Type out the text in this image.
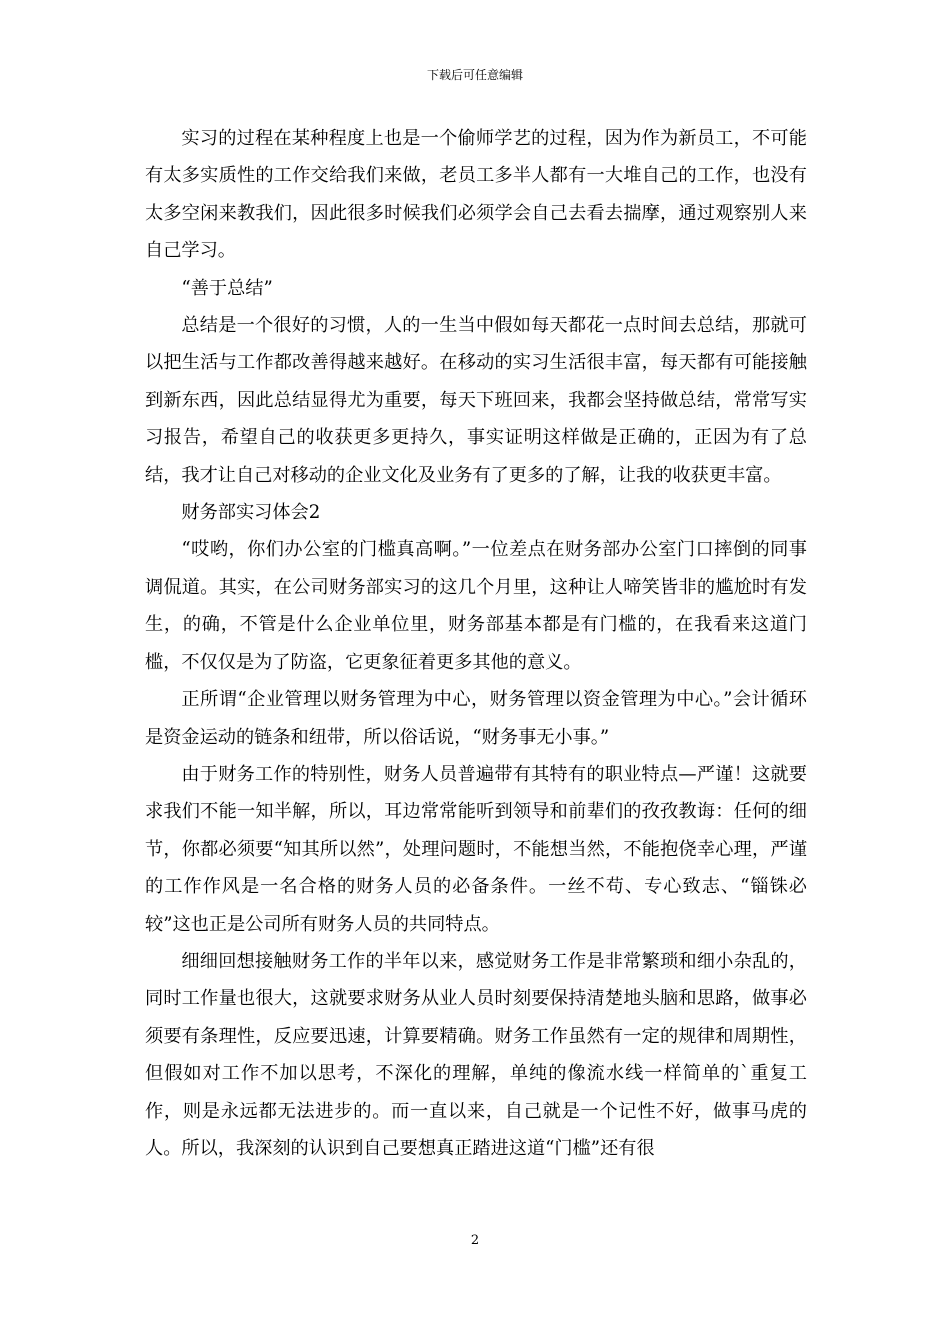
下载后可任意编辑

实习的过程在某种程度上也是一个偷师学艺的过程，因为作为新员工，不可能有太多实质性的工作交给我们来做，老员工多半人都有一大堆自己的工作，也没有太多空闲来教我们，因此很多时候我们必须学会自己去看去揣摩，通过观察别人来自己学习。

“善于总结”

总结是一个很好的习惯，人的一生当中假如每天都花一点时间去总结，那就可以把生活与工作都改善得越来越好。在移动的实习生活很丰富，每天都有可能接触到新东西，因此总结显得尤为重要，每天下班回来，我都会坚持做总结，常常写实习报告，希望自己的收获更多更持久，事实证明这样做是正确的，正因为有了总结，我才让自己对移动的企业文化及业务有了更多的了解，让我的收获更丰富。

财务部实习体会2

“哎哟，你们办公室的门槛真高啊。”一位差点在财务部办公室门口摔倒的同事调侃道。其实，在公司财务部实习的这几个月里，这种让人啼笑皆非的尴尬时有发生，的确，不管是什么企业单位里，财务部基本都是有门槛的，在我看来这道门槛，不仅仅是为了防盗，它更象征着更多其他的意义。

正所谓“企业管理以财务管理为中心，财务管理以资金管理为中心。”会计循环是资金运动的链条和纽带，所以俗话说，“财务事无小事。”

由于财务工作的特别性，财务人员普遍带有其特有的职业特点—严谨！这就要求我们不能一知半解，所以，耳边常常能听到领导和前辈们的孜孜教诲：任何的细节，你都必须要“知其所以然”，处理问题时，不能想当然，不能抱侥幸心理，严谨的工作作风是一名合格的财务人员的必备条件。一丝不苟、专心致志、“锱铢必较”这也正是公司所有财务人员的共同特点。

细细回想接触财务工作的半年以来，感觉财务工作是非常繁琐和细小杂乱的，同时工作量也很大，这就要求财务从业人员时刻要保持清楚地头脑和思路，做事必须要有条理性，反应要迅速，计算要精确。财务工作虽然有一定的规律和周期性，但假如对工作不加以思考，不深化的理解，单纯的像流水线一样简单的`重复工作，则是永远都无法进步的。而一直以来，自己就是一个记性不好，做事马虎的人。所以，我深刻的认识到自己要想真正踏进这道“门槛”还有很

2
